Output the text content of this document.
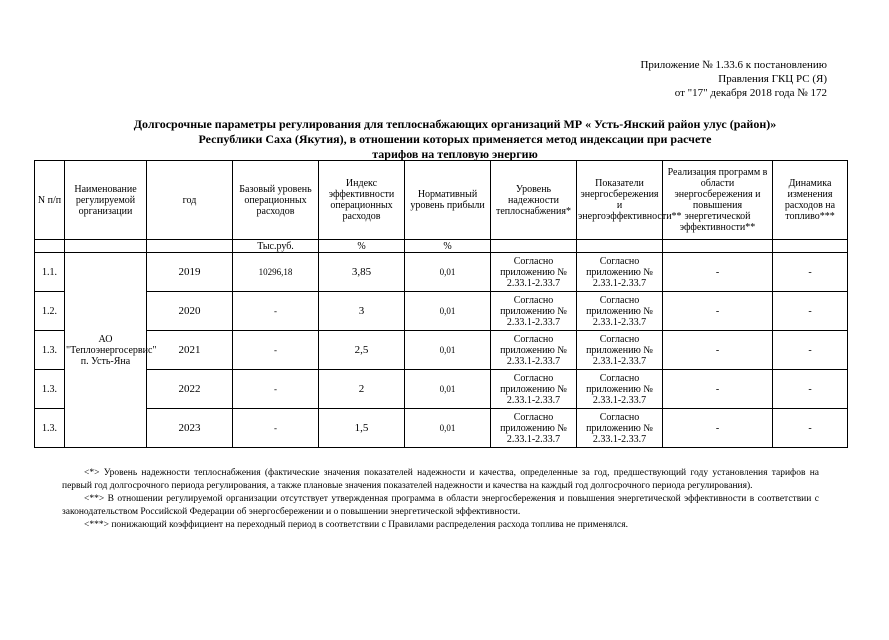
Приложение № 1.33.6 к постановлению
Правления ГКЦ РС (Я)
от "17" декабря 2018 года № 172
Долгосрочные параметры регулирования для теплоснабжающих организаций МР « Усть-Янский район улус (район)»
Республики Саха (Якутия), в отношении которых применяется метод индексации при расчете
тарифов на тепловую энергию
N п/п	Наименование регулируемой организации	год	Базовый уровень операционных расходов	Индекс эффективности операционных расходов	Нормативный уровень прибыли	Уровень надежности теплоснабжения*	Показатели энергосбережения и энергоэффективности**	Реализация программ в области энергосбережения и повышения энергетической эффективности**	Динамика изменения расходов на топливо***
			Тыс.руб.	%	%				
1.1.	АО "Теплоэнергосервис" п. Усть-Яна	2019	10296,18	3,85	0,01	Согласно приложению № 2.33.1-2.33.7	Согласно приложению № 2.33.1-2.33.7	-	-
1.2.		2020	-	3	0,01	Согласно приложению № 2.33.1-2.33.7	Согласно приложению № 2.33.1-2.33.7	-	-
1.3.		2021	-	2,5	0,01	Согласно приложению № 2.33.1-2.33.7	Согласно приложению № 2.33.1-2.33.7	-	-
1.3.		2022	-	2	0,01	Согласно приложению № 2.33.1-2.33.7	Согласно приложению № 2.33.1-2.33.7	-	-
1.3.		2023	-	1,5	0,01	Согласно приложению № 2.33.1-2.33.7	Согласно приложению № 2.33.1-2.33.7	-	-

<*> Уровень надежности теплоснабжения (фактические значения показателей надежности и качества, определенные за год, предшествующий году установления тарифов на первый год долгосрочного периода регулирования, а также плановые значения показателей надежности и качества на каждый год долгосрочного периода регулирования).

<**> В отношении регулируемой организации отсутствует утвержденная программа в области энергосбережения и повышения энергетической эффективности в соответствии с законодательством Российской Федерации об энергосбережении и о повышении энергетической эффективности.

<***> понижающий коэффициент на переходный период в соответствии с Правилами распределения расхода топлива не применялся.
